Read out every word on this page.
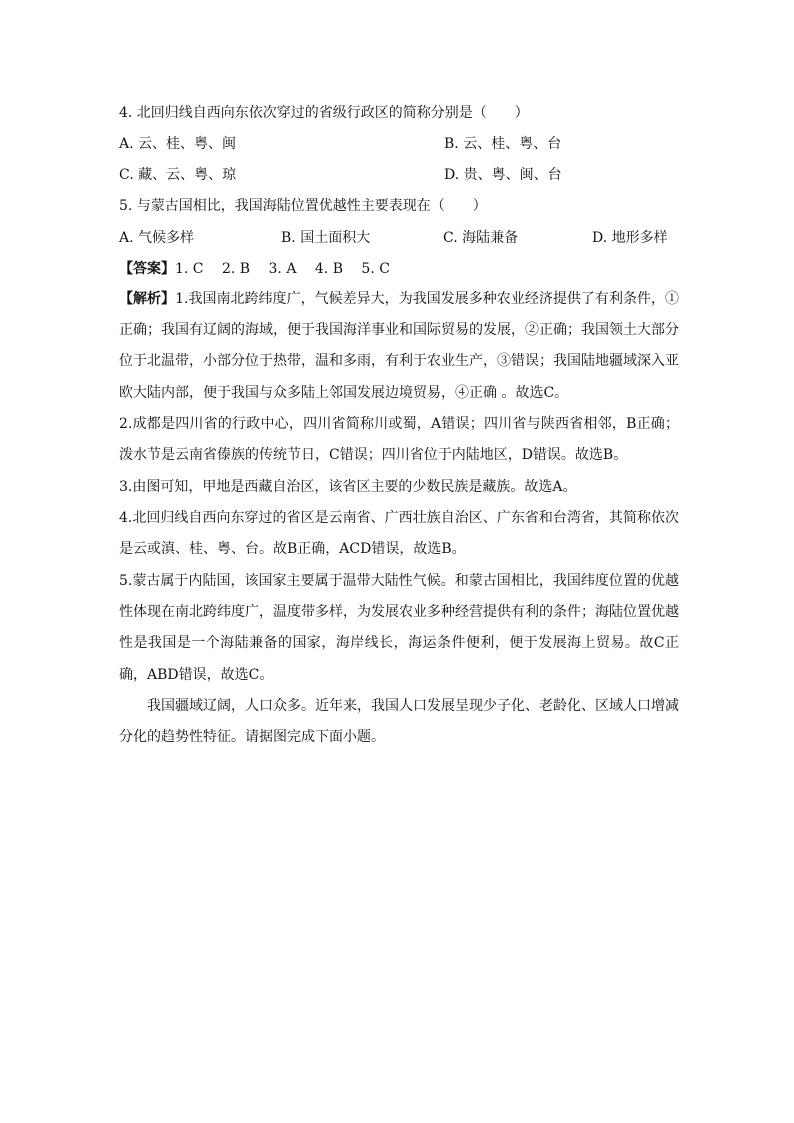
4. 北回归线自西向东依次穿过的省级行政区的简称分别是（　　）
A. 云、桂、粤、闽	B. 云、桂、粤、台
C. 藏、云、粤、琼	D. 贵、粤、闽、台
5. 与蒙古国相比，我国海陆位置优越性主要表现在（　　）
A. 气候多样	B. 国土面积大	C. 海陆兼备	D. 地形多样
【答案】1. C　 2. B　 3. A　 4. B　 5. C
【解析】1.我国南北跨纬度广，气候差异大，为我国发展多种农业经济提供了有利条件，①正确；我国有辽阔的海域，便于我国海洋事业和国际贸易的发展，②正确；我国领土大部分位于北温带，小部分位于热带，温和多雨，有利于农业生产，③错误；我国陆地疆域深入亚欧大陆内部，便于我国与众多陆上邻国发展边境贸易，④正确 。故选C。
2.成都是四川省的行政中心，四川省简称川或蜀，A错误；四川省与陕西省相邻，B正确；泼水节是云南省傣族的传统节日，C错误；四川省位于内陆地区，D错误。故选B。
3.由图可知，甲地是西藏自治区，该省区主要的少数民族是藏族。故选A。
4.北回归线自西向东穿过的省区是云南省、广西壮族自治区、广东省和台湾省，其简称依次是云或滇、桂、粤、台。故B正确，ACD错误，故选B。
5.蒙古属于内陆国，该国家主要属于温带大陆性气候。和蒙古国相比，我国纬度位置的优越性体现在南北跨纬度广，温度带多样，为发展农业多种经营提供有利的条件；海陆位置优越性是我国是一个海陆兼备的国家，海岸线长，海运条件便利，便于发展海上贸易。故C正确，ABD错误，故选C。
我国疆域辽阔，人口众多。近年来，我国人口发展呈现少子化、老龄化、区域人口增减分化的趋势性特征。请据图完成下面小题。
